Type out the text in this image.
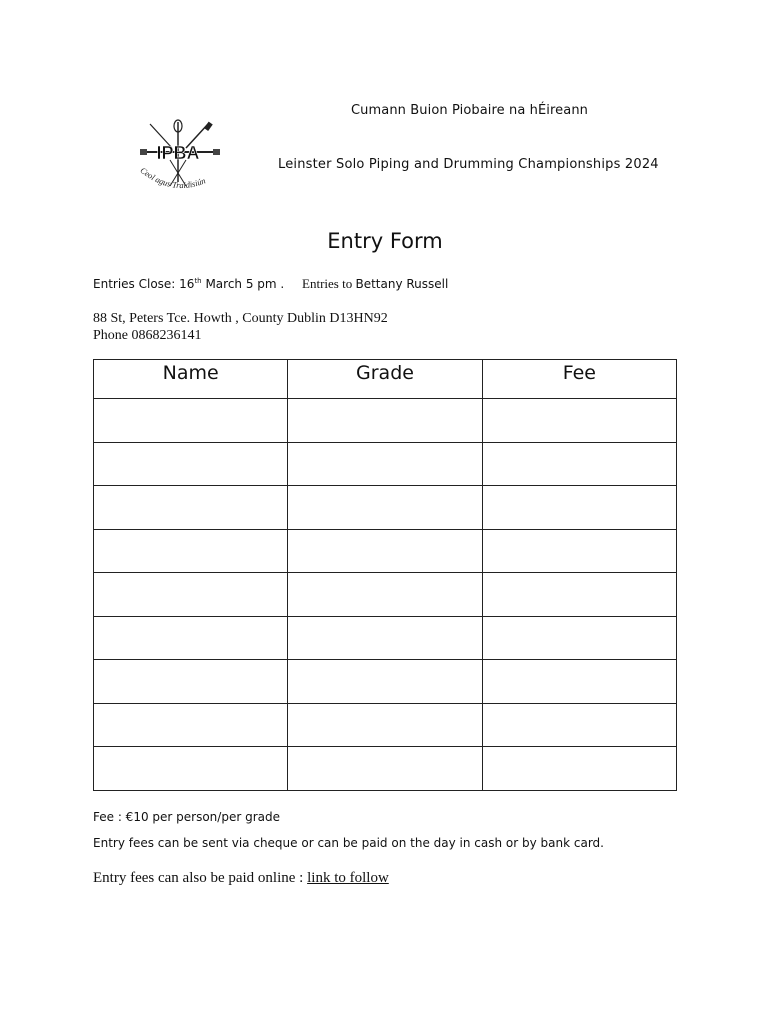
IPBA
Ceol agus Traidisiún
Cumann Buion Piobaire na hÉireann
Leinster Solo Piping and Drumming Championships 2024
Entry Form
Entries Close: 16th March 5 pm . Entries to Bettany Russell
88 St, Peters Tce. Howth , County Dublin D13HN92
Phone 0868236141
Name	Grade	Fee

Fee : €10 per person/per grade
Entry fees can be sent via cheque or can be paid on the day in cash or by bank card.
Entry fees can also be paid online : link to follow
